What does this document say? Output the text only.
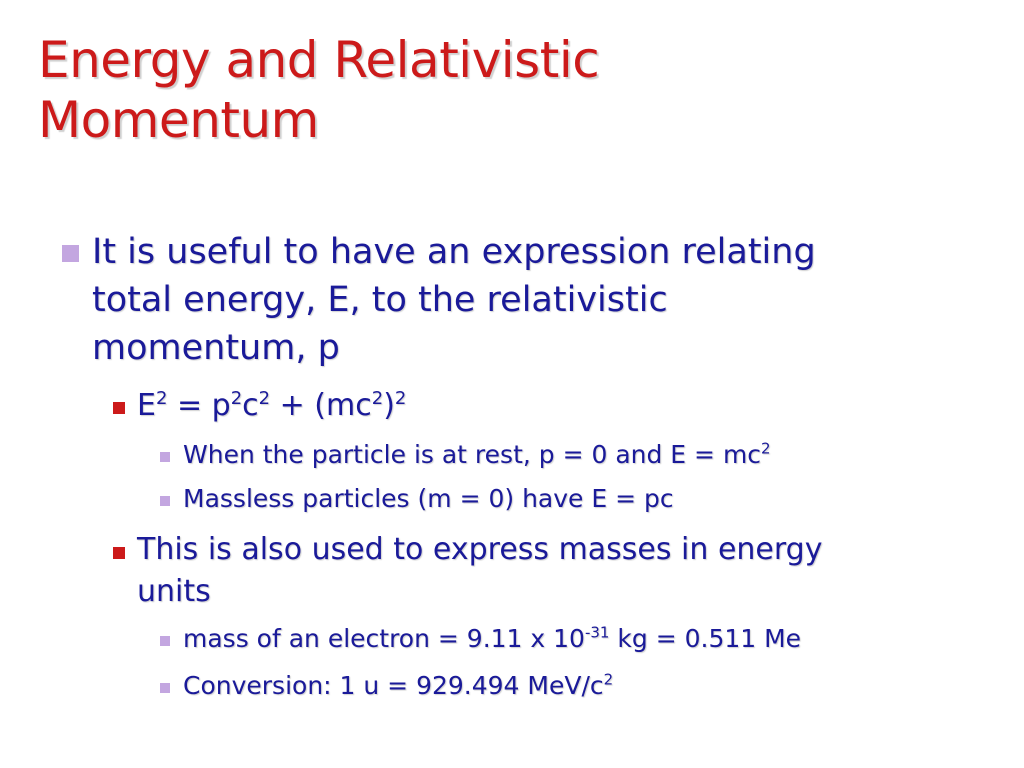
Energy and Relativistic
Momentum
It is useful to have an expression relating
total energy, E, to the relativistic
momentum, p
$E^2 = p^2c^2 + (mc^2)^2$
When the particle is at rest, p = 0 and $E = mc^2$
Massless particles (m = 0) have E = pc
This is also used to express masses in energy
units
mass of an electron = 9.11 x $10^{-31}$ kg = 0.511 Me
Conversion: 1 u = 929.494 MeV/$c^2$
